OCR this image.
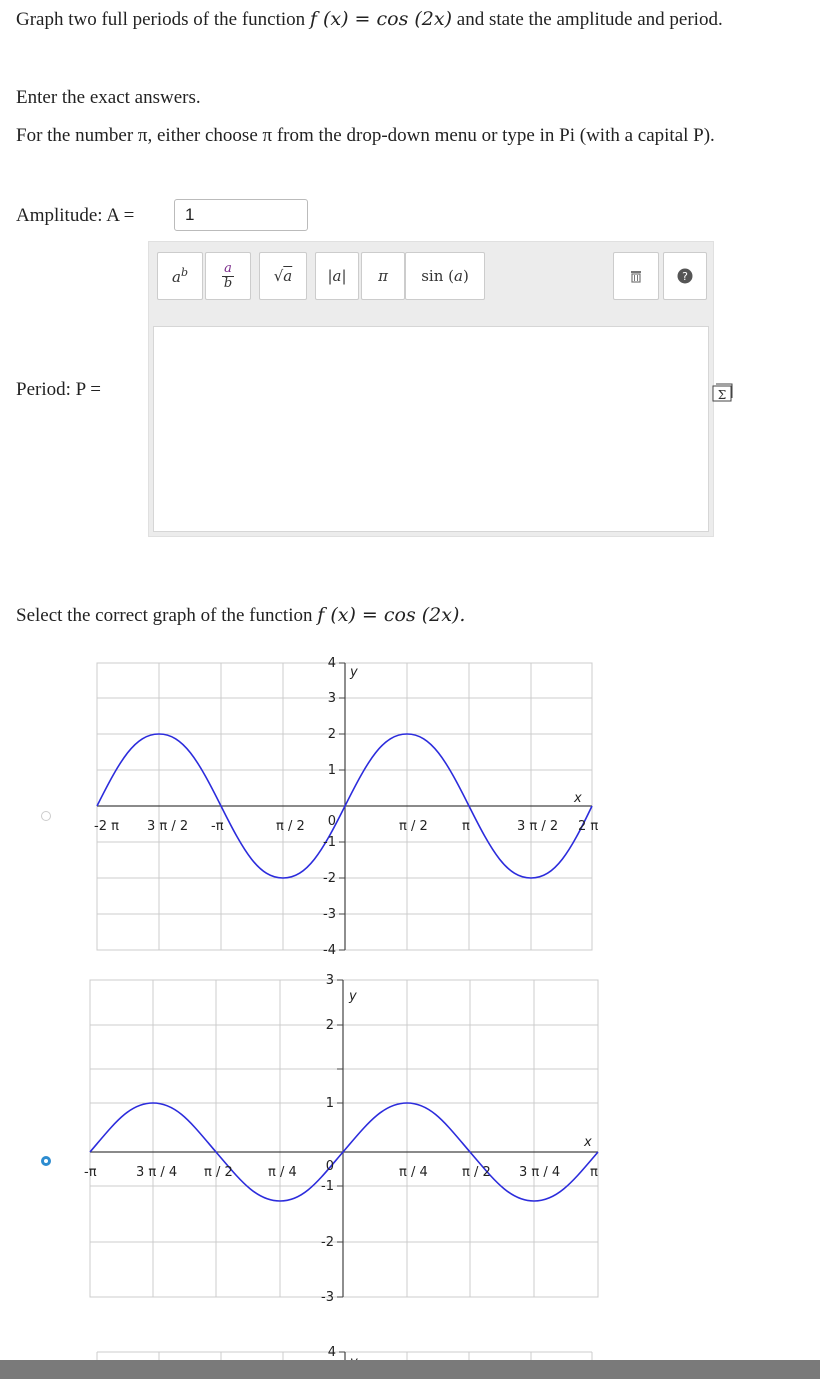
Graph two full periods of the function f (x) = cos (2x) and state the amplitude and period.
Enter the exact answers.
For the number π, either choose π from the drop-down menu or type in Pi (with a capital P).
Amplitude: A =	1
Period: P =
$a^b$	a
b	√a |a| π sin (a)	?
Σ
Select the correct graph of the function f (x) = cos (2x).
4
3
2
1
0
-1
-2
-3
-4
y
x
-2 π 3 π / 2 -π	π / 2	π / 2	π	3 π / 2 2 π
3
2
1
0
-1
-2
-3
y
x
-π	3 π / 4 π / 2	π / 4	π / 4	π / 2 3 π / 4 π
4
